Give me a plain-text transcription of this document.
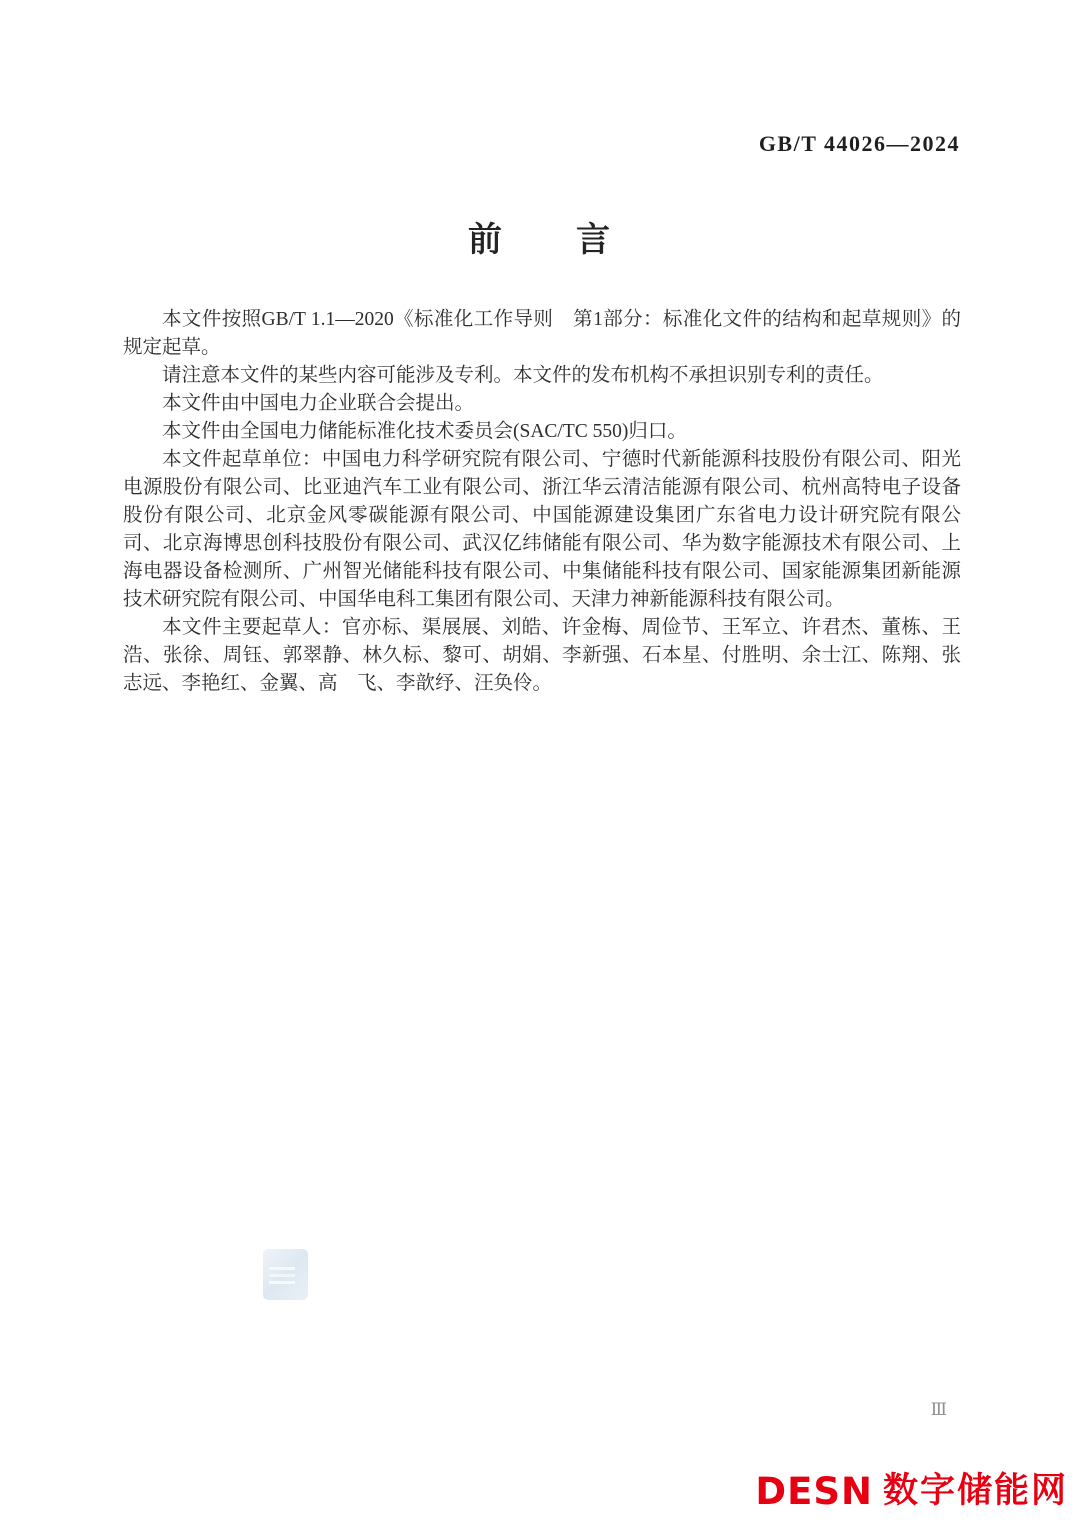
GB/T 44026—2024
前　　言

本文件按照GB/T 1.1—2020《标准化工作导则　第1部分：标准化文件的结构和起草规则》的规定起草。

请注意本文件的某些内容可能涉及专利。本文件的发布机构不承担识别专利的责任。

本文件由中国电力企业联合会提出。

本文件由全国电力储能标准化技术委员会(SAC/TC 550)归口。

本文件起草单位：中国电力科学研究院有限公司、宁德时代新能源科技股份有限公司、阳光电源股份有限公司、比亚迪汽车工业有限公司、浙江华云清洁能源有限公司、杭州高特电子设备股份有限公司、北京金风零碳能源有限公司、中国能源建设集团广东省电力设计研究院有限公司、北京海博思创科技股份有限公司、武汉亿纬储能有限公司、华为数字能源技术有限公司、上海电器设备检测所、广州智光储能科技有限公司、中集储能科技有限公司、国家能源集团新能源技术研究院有限公司、中国华电科工集团有限公司、天津力神新能源科技有限公司。

本文件主要起草人：官亦标、渠展展、刘皓、许金梅、周俭节、王军立、许君杰、董栋、王浩、张徐、周钰、郭翠静、林久标、黎可、胡娟、李新强、石本星、付胜明、余士江、陈翔、张志远、李艳红、金翼、高　飞、李歆纾、汪奂伶。

Ⅲ
DESN 数字储能网
